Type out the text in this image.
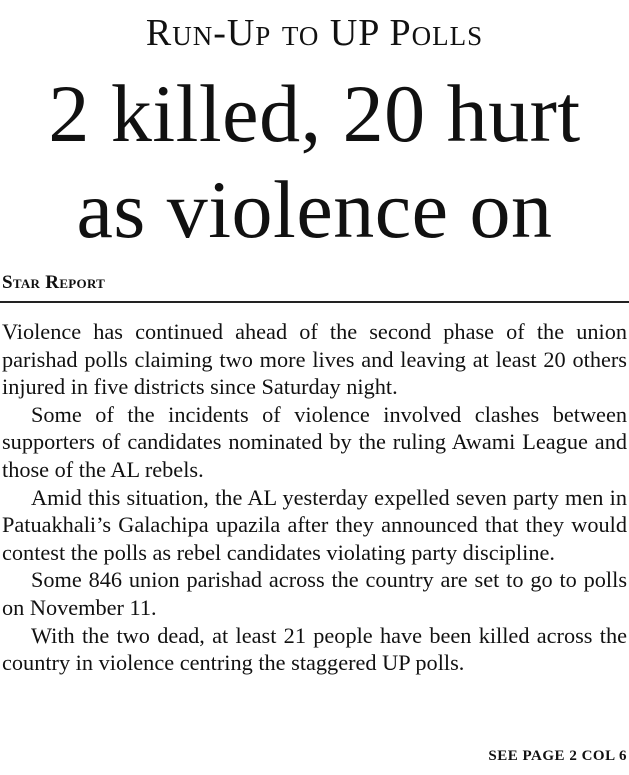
Run-Up to UP Polls
2 killed, 20 hurt
as violence on
Star Report

Violence has continued ahead of the second phase of the union parishad polls claiming two more lives and leaving at least 20 others injured in five districts since Saturday night.

Some of the incidents of violence involved clashes between supporters of candidates nominated by the ruling Awami League and those of the AL rebels.

Amid this situation, the AL yesterday expelled seven party men in Patuakhali’s Galachipa upazila after they announced that they would contest the polls as rebel candidates violating party discipline.

Some 846 union parishad across the country are set to go to polls on November 11.

With the two dead, at least 21 people have been killed across the country in violence centring the staggered UP polls.

SEE PAGE 2 COL 6
